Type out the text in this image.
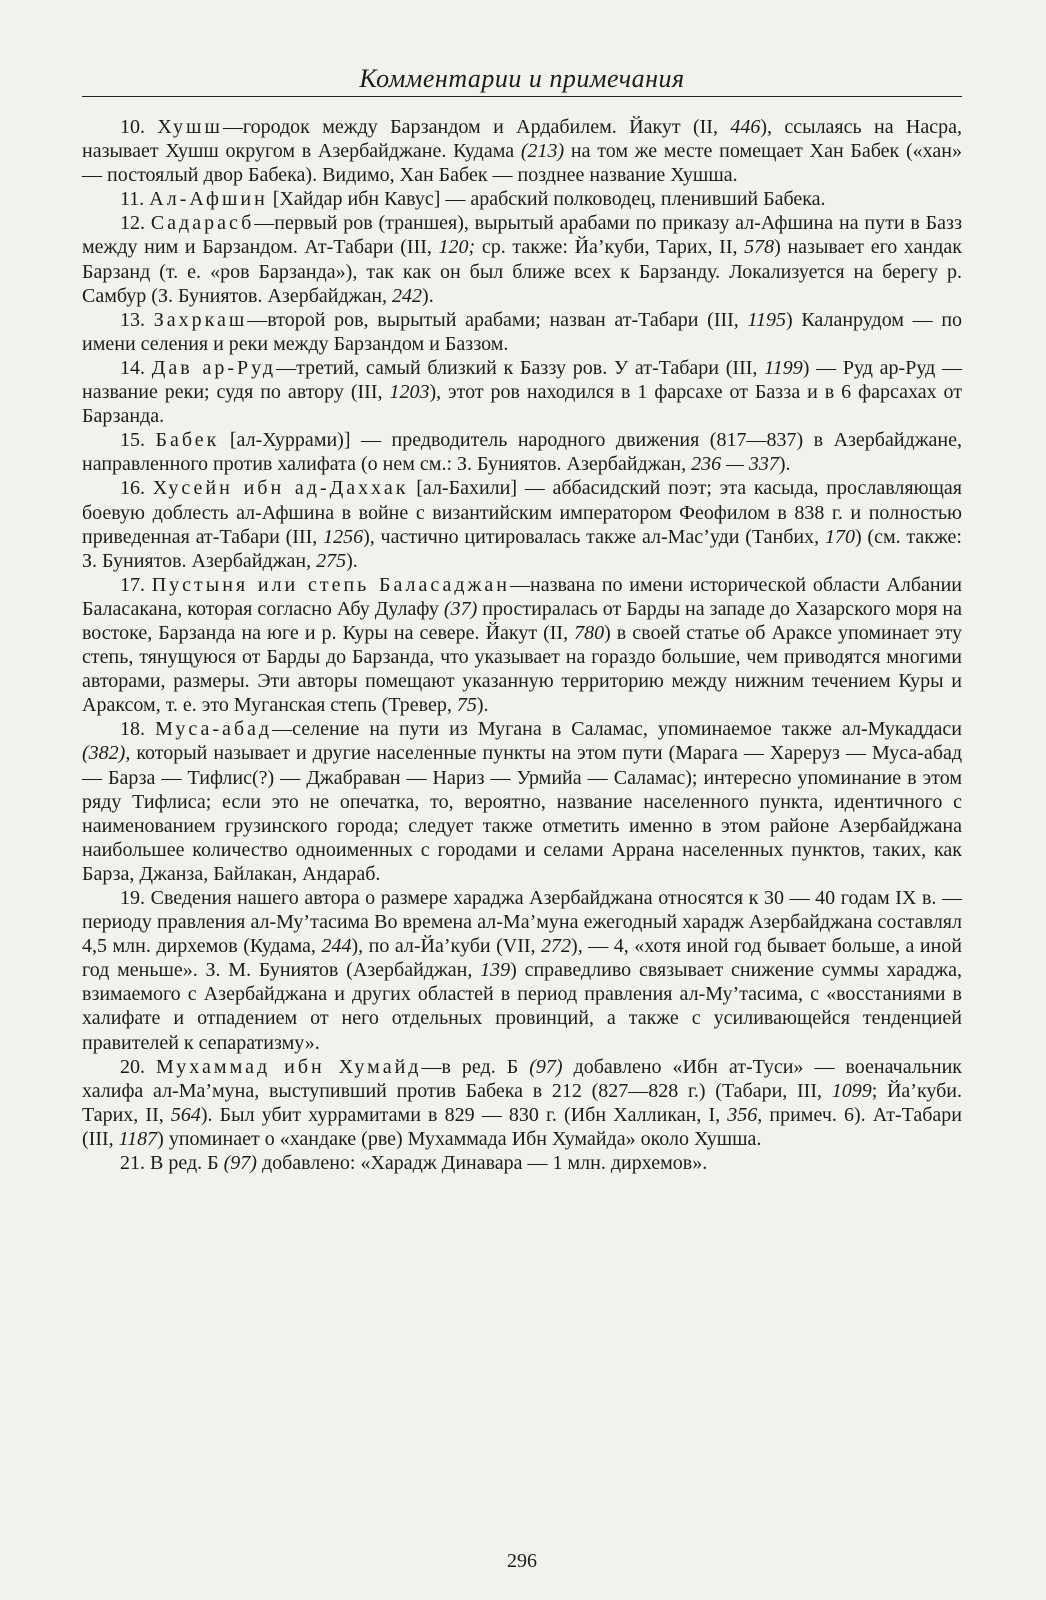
Комментарии и примечания

10. Хушш—городок между Барзандом и Ардабилем. Йакут (II, 446), ссылаясь на Насра, называет Хушш округом в Азербайджане. Кудама (213) на том же месте помещает Хан Бабек («хан» — постоялый двор Бабека). Видимо, Хан Бабек — позднее название Хушша.

11. Ал-Афшин [Хайдар ибн Кавус] — арабский полководец, пленивший Бабека.

12. Садарасб—первый ров (траншея), вырытый арабами по приказу ал-Афшина на пути в Базз между ним и Барзандом. Ат-Табари (III, 120; ср. также: Йа’куби, Тарих, II, 578) называет его хандак Барзанд (т. е. «ров Барзанда»), так как он был ближе всех к Барзанду. Локализуется на берегу р. Самбур (З. Буниятов. Азербайджан, 242).

13. Захркаш—второй ров, вырытый арабами; назван ат-Табари (III, 1195) Каланрудом — по имени селения и реки между Барзандом и Баззом.

14. Дав ар-Руд—третий, самый близкий к Баззу ров. У ат-Табари (III, 1199) — Руд ар-Руд — название реки; судя по автору (III, 1203), этот ров находился в 1 фарсахе от Базза и в 6 фарсахах от Барзанда.

15. Бабек [ал-Хуррами)] — предводитель народного движения (817—837) в Азербайджане, направленного против халифата (о нем см.: З. Буниятов. Азербайджан, 236 — 337).

16. Хусейн ибн ад-Даххак [ал-Бахили] — аббасидский поэт; эта касыда, прославляющая боевую доблесть ал-Афшина в войне с византийским императором Феофилом в 838 г. и полностью приведенная ат-Табари (III, 1256), частично цитировалась также ал-Мас’уди (Танбих, 170) (см. также: З. Буниятов. Азербайджан, 275).

17. Пустыня или степь Баласаджан—названа по имени исторической области Албании Баласакана, которая согласно Абу Дулафу (37) простиралась от Барды на западе до Хазарского моря на востоке, Барзанда на юге и р. Куры на севере. Йакут (II, 780) в своей статье об Араксе упоминает эту степь, тянущуюся от Барды до Барзанда, что указывает на гораздо большие, чем приводятся многими авторами, размеры. Эти авторы помещают указанную территорию между нижним течением Куры и Араксом, т. е. это Муганская степь (Тревер, 75).

18. Муса-абад—селение на пути из Мугана в Саламас, упоминаемое также ал-Мукаддаси (382), который называет и другие населенные пункты на этом пути (Марага — Харерyз — Муса-абад — Барза — Тифлис(?) — Джабраван — Нариз — Урмийа — Саламас); интересно упоминание в этом ряду Тифлиса; если это не опечатка, то, вероятно, название населенного пункта, идентичного с наименованием грузинского города; следует также отметить именно в этом районе Азербайджана наибольшее количество одноименных с городами и селами Аррана населенных пунктов, таких, как Барза, Джанза, Байлакан, Андараб.

19. Сведения нашего автора о размере хараджа Азербайджана относятся к 30 — 40 годам IX в. — периоду правления ал-Му’тасима Во времена ал-Ма’муна ежегодный харадж Азербайджана составлял 4,5 млн. дирхемов (Кудама, 244), по ал-Йа’куби (VII, 272), — 4, «хотя иной год бывает больше, а иной год меньше». З. М. Буниятов (Азербайджан, 139) справедливо связывает снижение суммы хараджа, взимаемого с Азербайджана и других областей в период правления ал-Му’тасима, с «восстаниями в халифате и отпадением от него отдельных провинций, а также с усиливающейся тенденцией правителей к сепаратизму».

20. Мухаммад ибн Хумайд—в ред. Б (97) добавлено «Ибн ат-Туси» — военачальник халифа ал-Ма’муна, выступивший против Бабека в 212 (827—828 г.) (Табари, III, 1099; Йа’куби. Тарих, II, 564). Был убит хуррамитами в 829 — 830 г. (Ибн Халликан, I, 356, примеч. 6). Ат-Табари (III, 1187) упоминает о «хандаке (рве) Мухаммада Ибн Хумайда» около Хушша.

21. В ред. Б (97) добавлено: «Харадж Динавара — 1 млн. дирхемов».

296
